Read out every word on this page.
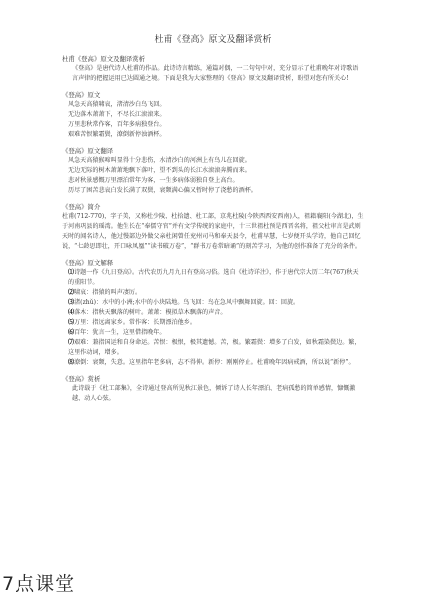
杜甫《登高》原文及翻译赏析
杜甫《登高》原文及翻译赏析

《登高》是唐代诗人杜甫的作品。此诗诗言精练，通篇对偶，一二句句中对，充分显示了杜甫晚年对诗歌语言声律的把握运用已达圆通之境。下面是我为大家整理的《登高》原文及翻译赏析，盼望对您有所关心!

《登高》原文
风急天高猿啸哀，渚清沙白鸟飞回。
无边落木萧萧下，不尽长江滚滚来。
万里悲秋常作客，百年多病独登台。
艰难苦恨繁霜鬓，潦倒新停浊酒杯。
《登高》原文翻译
风急天高猿猴啼叫显得十分悲伤，水清沙白的河洲上有鸟儿在回旋。
无边无际的树木萧萧地飘下落叶，望不到头的长江水滚滚奔腾而来。
悲对秋景感慨万里漂泊常年为客，一生多病体弱独自登上高台。
历尽了困苦悲哀白发长满了双鬓，衰颓满心偏又暂时停了浇愁的酒杯。
《登高》简介

杜甫(712-770)，字子美，又称杜少陵、杜拾遗、杜工部，京兆杜陵(今陕西西安西南)人，祖籍襄阳(今湖北)，生于河南巩县的瑶湾。他生长在“奉儒守官”并有文学传统的家庭中，十三世祖杜预是西晋名将，祖父杜审言是武则天时的闻名诗人，他过慢部边外做父亲杜闲曾任兖州司马和奉天县令，杜甫早慧，七岁便开头学诗，他自己回忆说，“七龄思即壮，开口咏凤凰”“读书破万卷”，“群书万卷常暗诵”的刻苦学习，为他的创作准备了充分的条件。

《登高》原文解释

⑴诗题一作《九日登高》。古代农历九月九日有登高习俗。选自《杜诗详注》，作于唐代宗大历二年(767)秋天的重阳节。

⑵啸哀：指猿的叫声凄厉。

⑶渚(zhǔ)：水中的小洲;水中的小块陆地。鸟飞回：鸟在急风中飘舞回旋。回：回旋。

⑷落木：指秋天飘落的树叶。萧萧：模拟草木飘落的声音。

⑸万里：指远离家乡。常作客：长期漂泊他乡。

⑹百年：犹言一生，这里借指晚年。

⑺艰难：兼指国运和自身命运。苦恨：极恨，极其遗憾。苦，极。繁霜鬓：增多了白发，如秋霜染鬓边。繁，这里作动词，增多。

⑻潦倒：衰颓，失意。这里指年老多病，志不得伸。新停：刚刚停止。杜甫晚年因病戒酒，所以说“新停”。

《登高》赏析

此诗载于《杜工部集》，全诗通过登高所见秋江景色，倾诉了诗人长年漂泊、老病孤愁的简单感情，慷慨激越、动人心弦。

7点课堂
